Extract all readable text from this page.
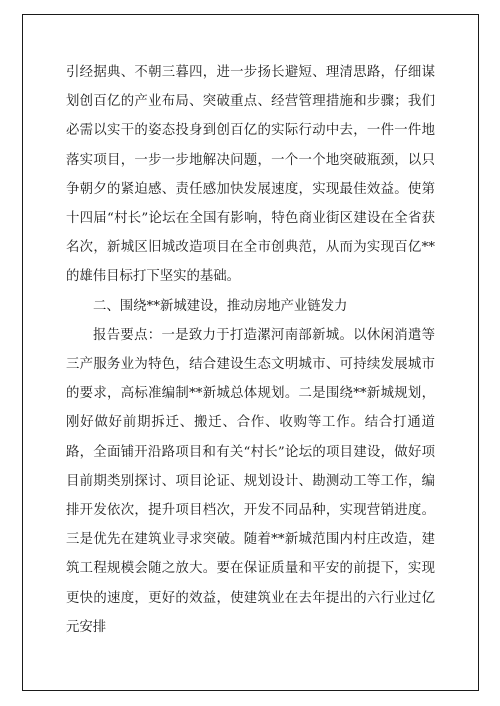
引经据典、不朝三暮四，进一步扬长避短、理清思路，仔细谋划创百亿的产业布局、突破重点、经营管理措施和步骤；我们必需以实干的姿态投身到创百亿的实际行动中去，一件一件地落实项目，一步一步地解决问题，一个一个地突破瓶颈，以只争朝夕的紧迫感、责任感加快发展速度，实现最佳效益。使第十四届“村长”论坛在全国有影响，特色商业街区建设在全省获名次，新城区旧城改造项目在全市创典范，从而为实现百亿**的雄伟目标打下坚实的基础。

二、围绕**新城建设，推动房地产业链发力

报告要点：一是致力于打造漯河南部新城。以休闲消遣等三产服务业为特色，结合建设生态文明城市、可持续发展城市的要求，高标准编制**新城总体规划。二是围绕**新城规划，刚好做好前期拆迁、搬迁、合作、收购等工作。结合打通道路，全面铺开沿路项目和有关“村长”论坛的项目建设，做好项目前期类别探讨、项目论证、规划设计、勘测动工等工作，编排开发依次，提升项目档次，开发不同品种，实现营销进度。三是优先在建筑业寻求突破。随着**新城范围内村庄改造，建筑工程规模会随之放大。要在保证质量和平安的前提下，实现更快的速度，更好的效益，使建筑业在去年提出的六行业过亿元安排
